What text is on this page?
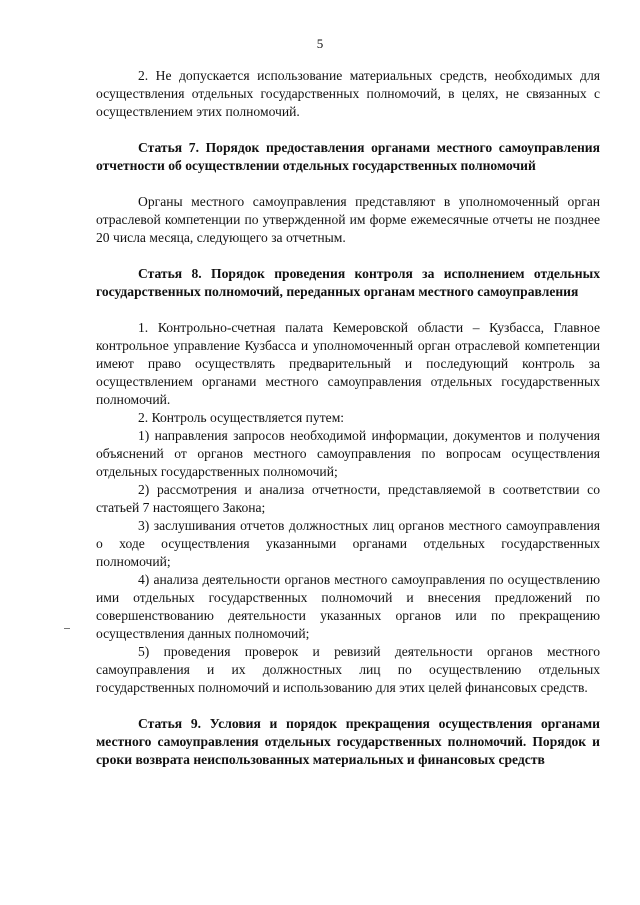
5

2. Не допускается использование материальных средств, необходимых для осуществления отдельных государственных полномочий, в целях, не связанных с осуществлением этих полномочий.

Статья 7. Порядок предоставления органами местного самоуправления отчетности об осуществлении отдельных государственных полномочий

Органы местного самоуправления представляют в уполномоченный орган отраслевой компетенции по утвержденной им форме ежемесячные отчеты не позднее 20 числа месяца, следующего за отчетным.

Статья 8. Порядок проведения контроля за исполнением отдельных государственных полномочий, переданных органам местного самоуправления

1. Контрольно-счетная палата Кемеровской области – Кузбасса, Главное контрольное управление Кузбасса и уполномоченный орган отраслевой компетенции имеют право осуществлять предварительный и последующий контроль за осуществлением органами местного самоуправления отдельных государственных полномочий.

2. Контроль осуществляется путем:

1) направления запросов необходимой информации, документов и получения объяснений от органов местного самоуправления по вопросам осуществления отдельных государственных полномочий;

2) рассмотрения и анализа отчетности, представляемой в соответствии со статьей 7 настоящего Закона;

3) заслушивания отчетов должностных лиц органов местного самоуправления о ходе осуществления указанными органами отдельных государственных полномочий;

4) анализа деятельности органов местного самоуправления по осуществлению ими отдельных государственных полномочий и внесения предложений по совершенствованию деятельности указанных органов или по прекращению осуществления данных полномочий;

5) проведения проверок и ревизий деятельности органов местного самоуправления и их должностных лиц по осуществлению отдельных государственных полномочий и использованию для этих целей финансовых средств.

Статья 9. Условия и порядок прекращения осуществления органами местного самоуправления отдельных государственных полномочий. Порядок и сроки возврата неиспользованных материальных и финансовых средств
